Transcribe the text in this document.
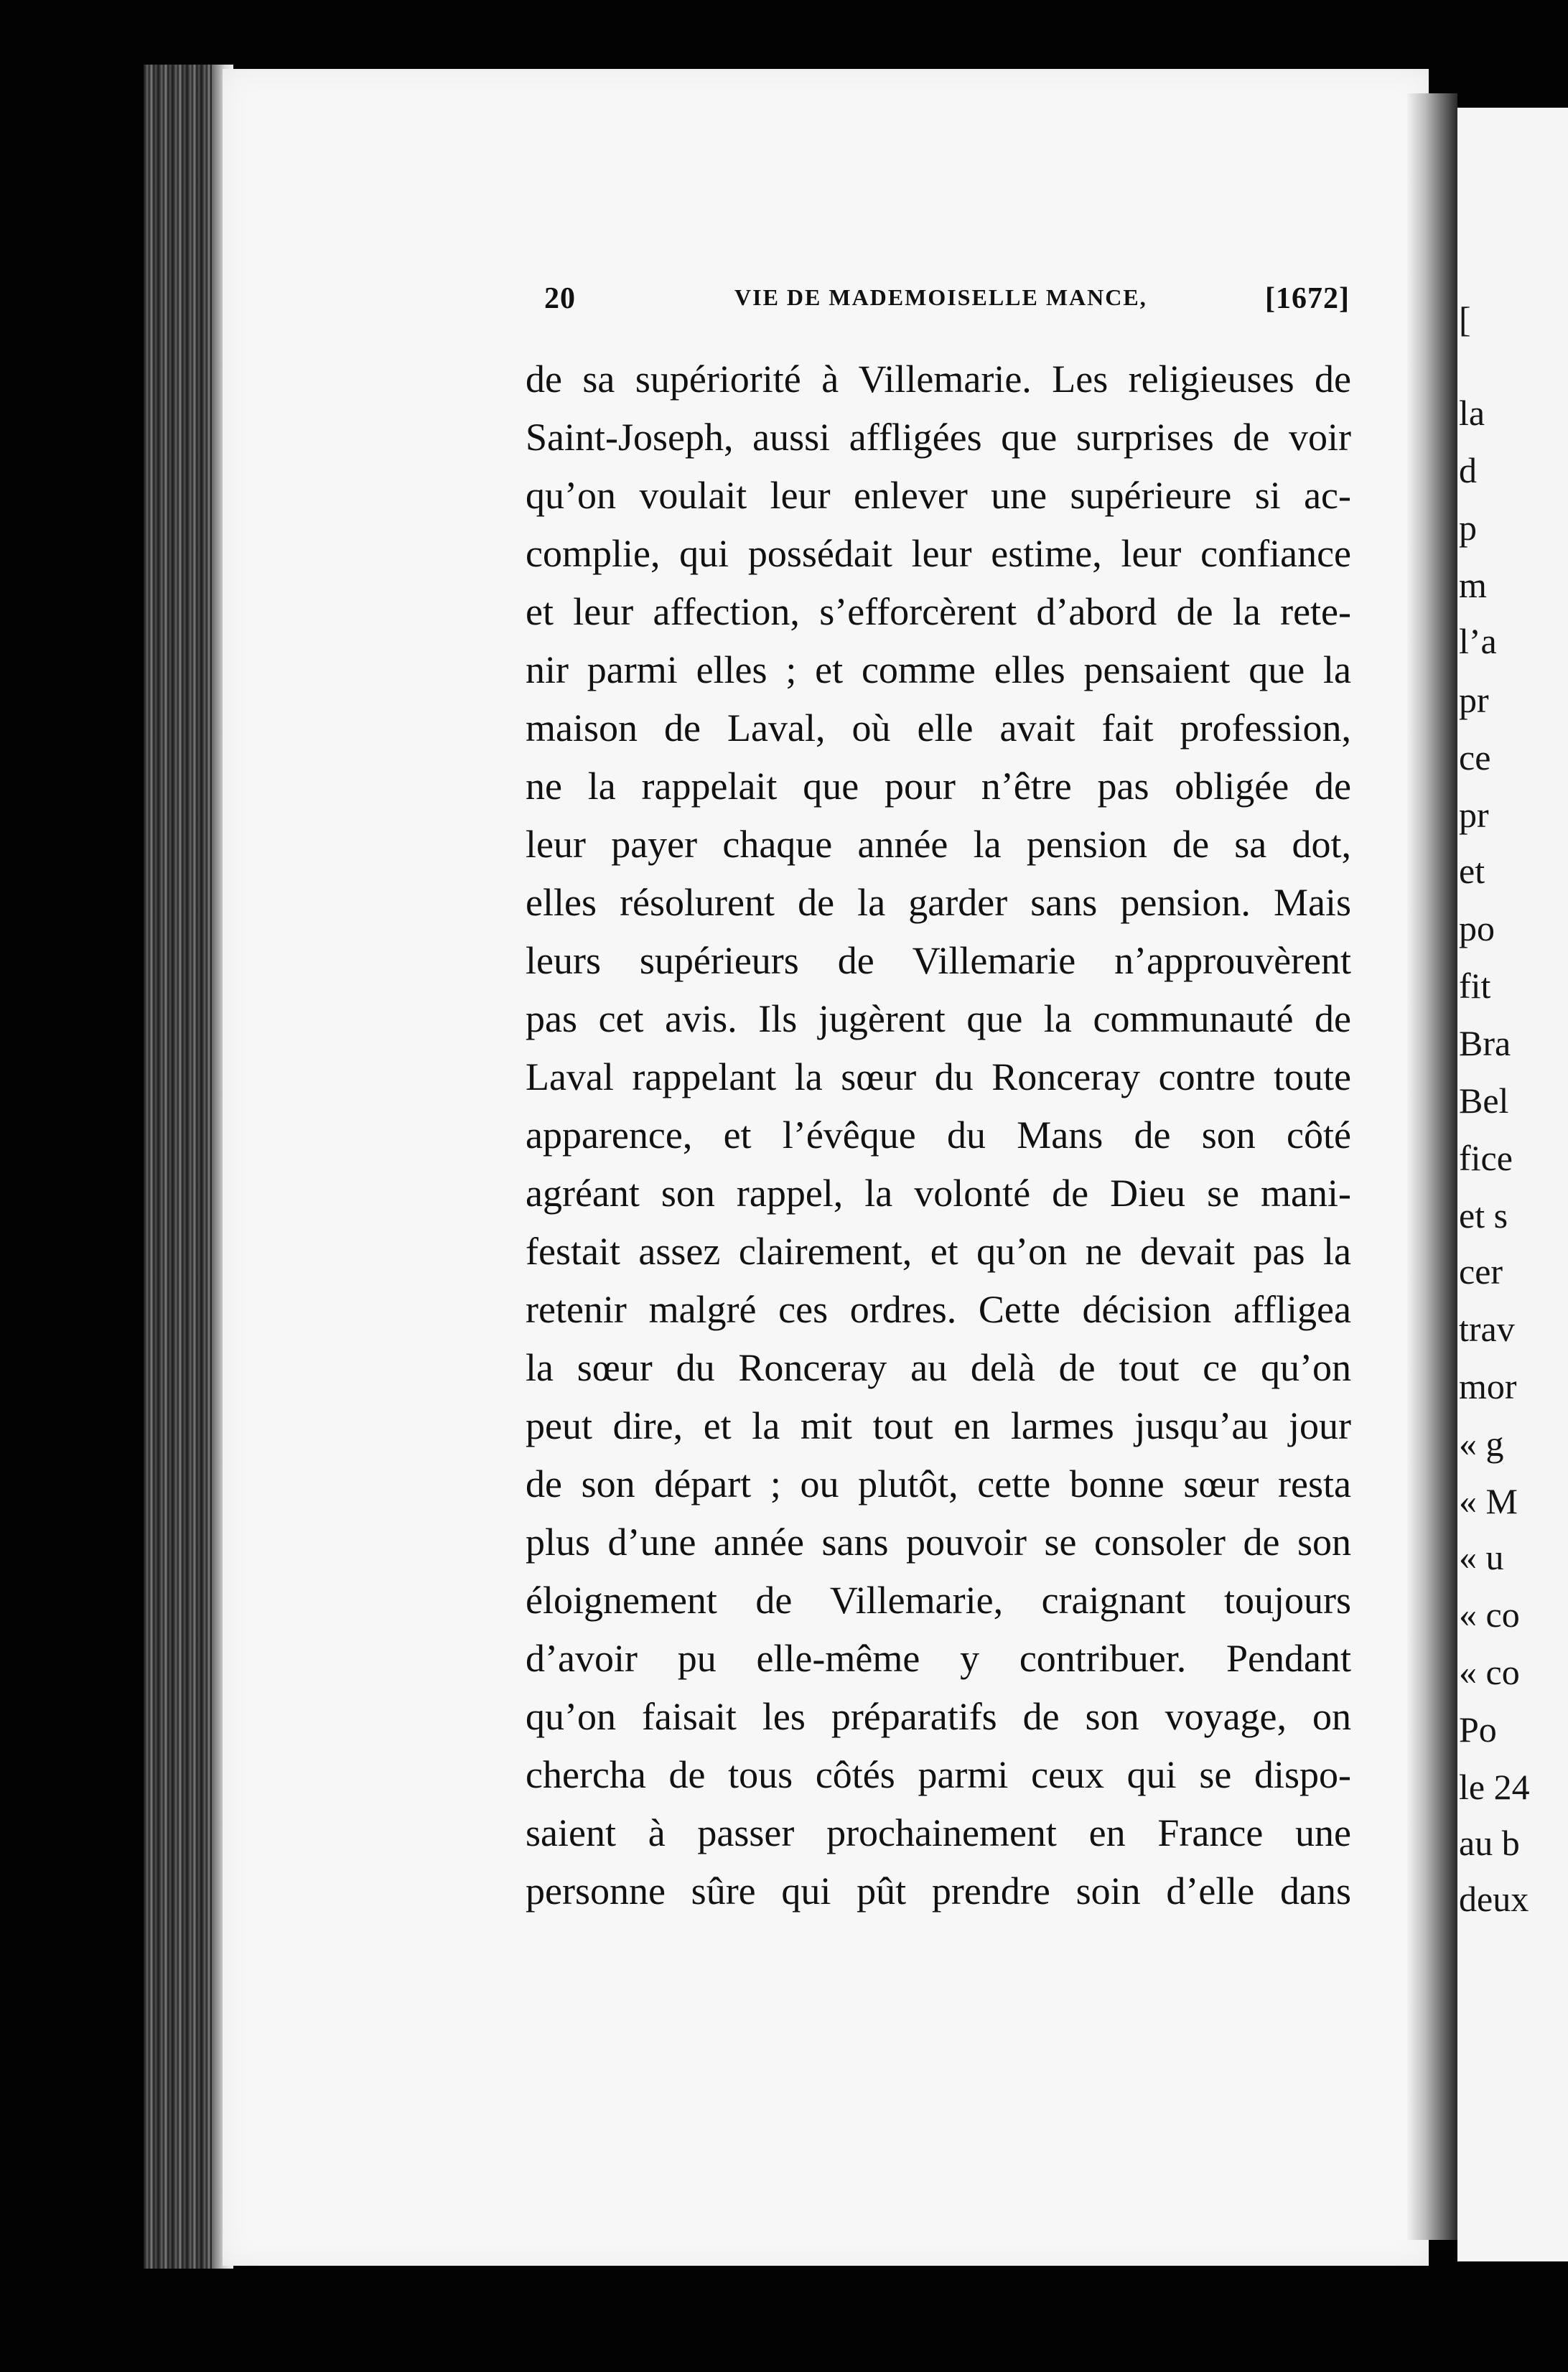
20	VIE DE MADEMOISELLE MANCE,	[1672]
de sa supériorité à Villemarie. Les religieuses de
Saint-Joseph, aussi affligées que surprises de voir
qu’on voulait leur enlever une supérieure si ac-
complie, qui possédait leur estime, leur confiance
et leur affection, s’efforcèrent d’abord de la rete-
nir parmi elles ; et comme elles pensaient que la
maison de Laval, où elle avait fait profession,
ne la rappelait que pour n’être pas obligée de
leur payer chaque année la pension de sa dot,
elles résolurent de la garder sans pension. Mais
leurs supérieurs de Villemarie n’approuvèrent
pas cet avis. Ils jugèrent que la communauté de
Laval rappelant la sœur du Ronceray contre toute
apparence, et l’évêque du Mans de son côté
agréant son rappel, la volonté de Dieu se mani-
festait assez clairement, et qu’on ne devait pas la
retenir malgré ces ordres. Cette décision affligea
la sœur du Ronceray au delà de tout ce qu’on
peut dire, et la mit tout en larmes jusqu’au jour
de son départ ; ou plutôt, cette bonne sœur resta
plus d’une année sans pouvoir se consoler de son
éloignement de Villemarie, craignant toujours
d’avoir pu elle-même y contribuer. Pendant
qu’on faisait les préparatifs de son voyage, on
chercha de tous côtés parmi ceux qui se dispo-
saient à passer prochainement en France une
personne sûre qui pût prendre soin d’elle dans
[
la
d
p
m
l’a
pr
ce
pr
et
po
fit
Bra
Bel
fice
et s
cer
trav
mor
« g
« M
« u
« co
« co
Po
le 24
au b
deux
